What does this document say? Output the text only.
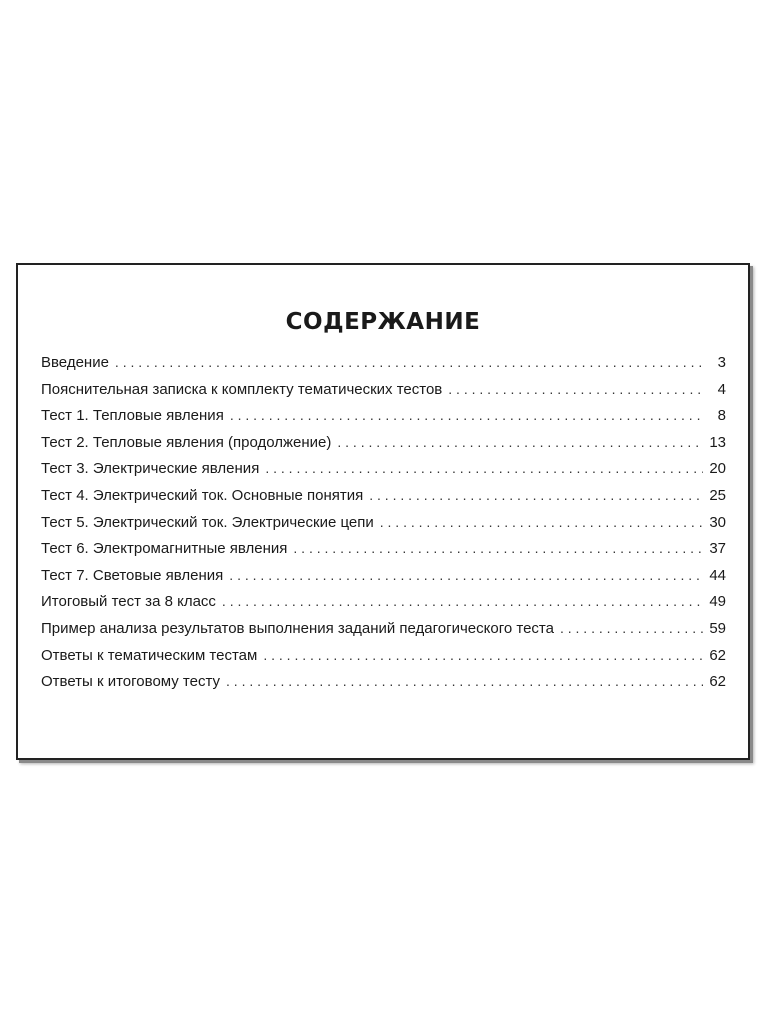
СОДЕРЖАНИЕ
Введение . . .	3
Пояснительная записка к комплекту тематических тестов . . .	4
Тест 1. Тепловые явления . . .	8
Тест 2. Тепловые явления (продолжение) . . .	13
Тест 3. Электрические явления . . .	20
Тест 4. Электрический ток. Основные понятия . . .	25
Тест 5. Электрический ток. Электрические цепи . . .	30
Тест 6. Электромагнитные явления . . .	37
Тест 7. Световые явления . . .	44
Итоговый тест за 8 класс . . .	49
Пример анализа результатов выполнения заданий педагогического теста . . .	59
Ответы к тематическим тестам . . .	62
Ответы к итоговому тесту . . .	62
